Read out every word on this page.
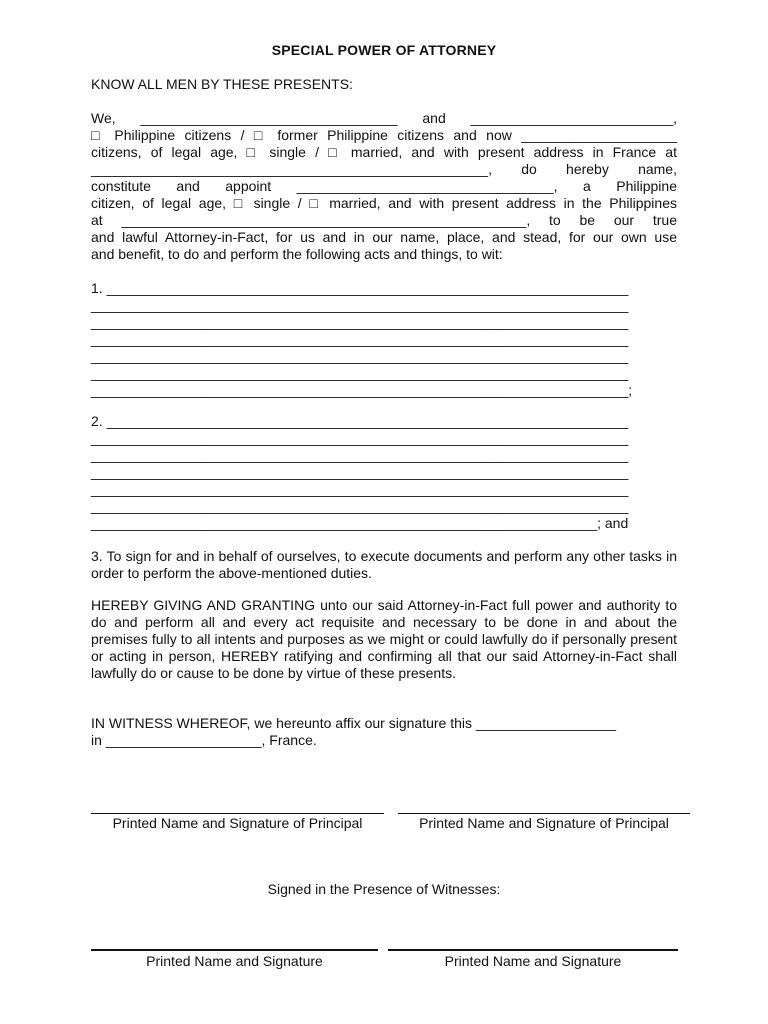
SPECIAL POWER OF ATTORNEY
KNOW ALL MEN BY THESE PRESENTS:
We, _________________________________ and __________________________,
□ Philippine citizens / □ former Philippine citizens and now ____________________
citizens, of legal age, □ single / □ married, and with present address in France at
___________________________________________________, do hereby name,
constitute and appoint _________________________________, a Philippine
citizen, of legal age, □ single / □ married, and with present address in the Philippines
at ____________________________________________________, to be our true
and lawful Attorney-in-Fact, for us and in our name, place, and stead, for our own use
and benefit, to do and perform the following acts and things, to wit:
1. ___________________________________________________________________
_____________________________________________________________________
_____________________________________________________________________
_____________________________________________________________________
_____________________________________________________________________
_____________________________________________________________________
_____________________________________________________________________;
2. ___________________________________________________________________
_____________________________________________________________________
_____________________________________________________________________
_____________________________________________________________________
_____________________________________________________________________
_____________________________________________________________________
_________________________________________________________________; and
3. To sign for and in behalf of ourselves, to execute documents and perform any other tasks in order to perform the above-mentioned duties.
HEREBY GIVING AND GRANTING unto our said Attorney-in-Fact full power and authority to do and perform all and every act requisite and necessary to be done in and about the premises fully to all intents and purposes as we might or could lawfully do if personally present or acting in person, HEREBY ratifying and confirming all that our said Attorney-in-Fact shall lawfully do or cause to be done by virtue of these presents.
IN WITNESS WHEREOF, we hereunto affix our signature this __________________
in ____________________, France.
Printed Name and Signature of Principal	Printed Name and Signature of Principal
Signed in the Presence of Witnesses:
Printed Name and Signature	Printed Name and Signature
